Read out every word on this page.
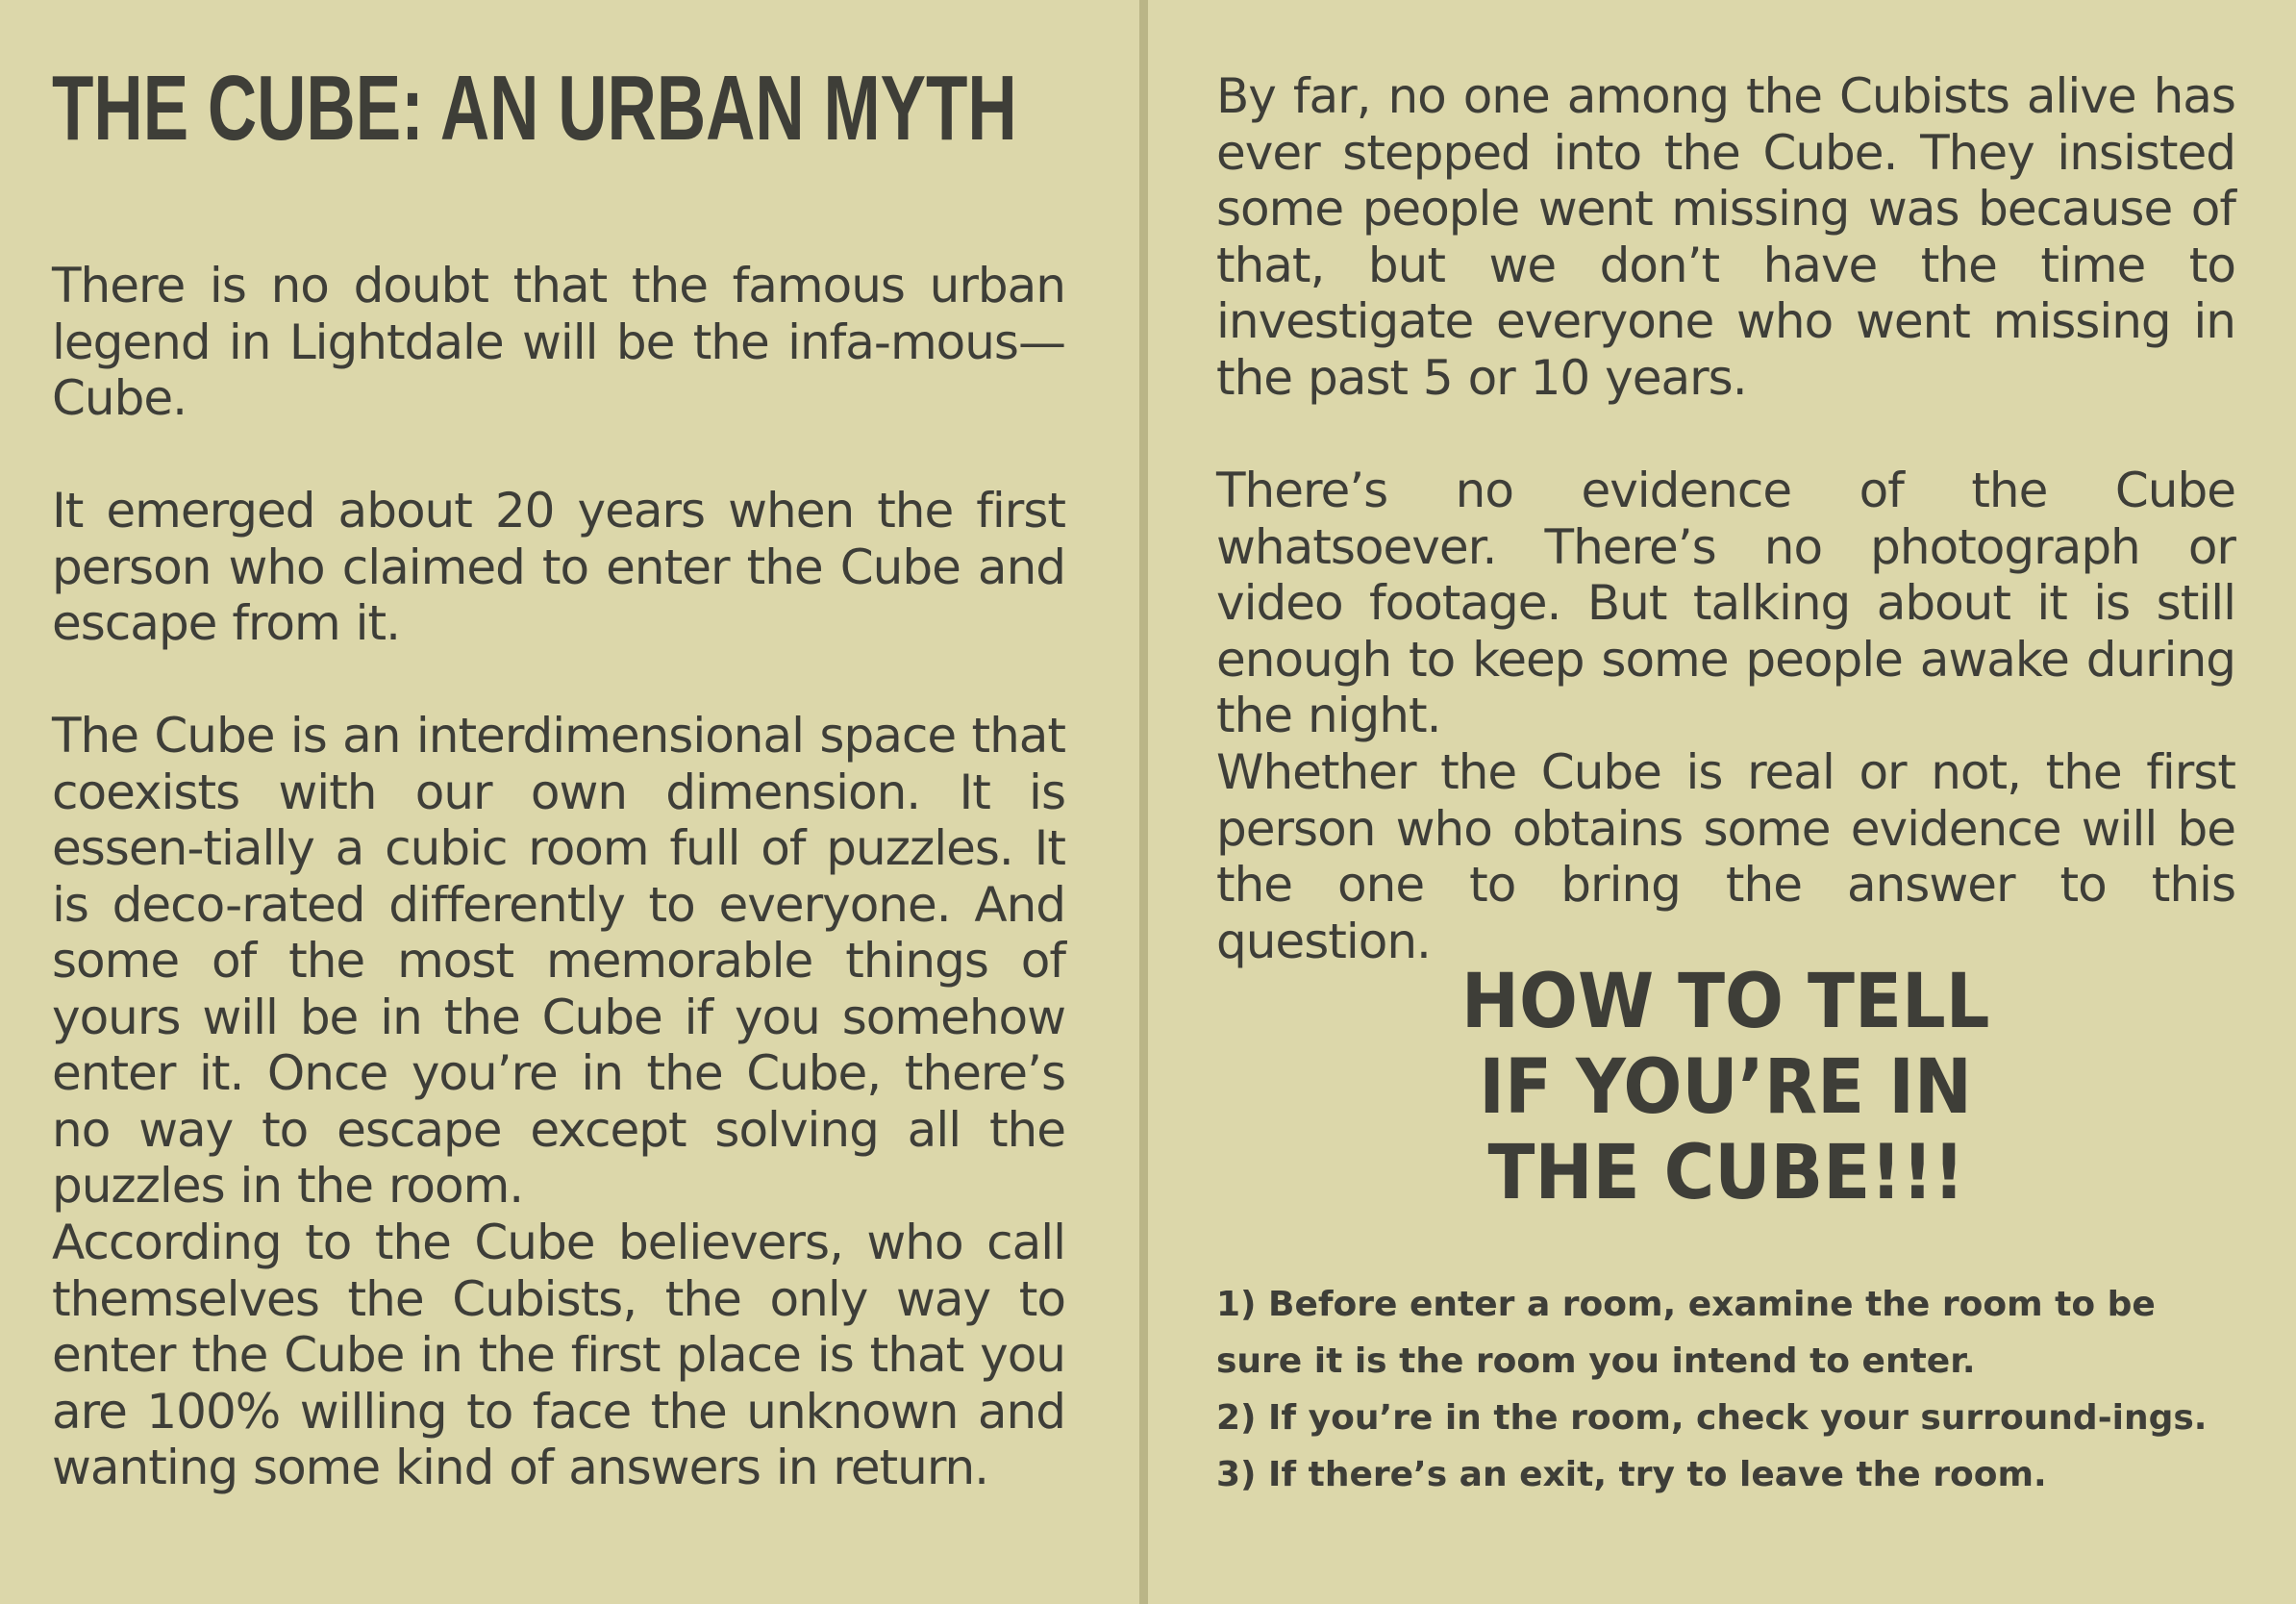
THE CUBE: AN URBAN MYTH

There is no doubt that the famous urban legend in Lightdale will be the infa-mous—Cube.

It emerged about 20 years when the first person who claimed to enter the Cube and escape from it.

The Cube is an interdimensional space that coexists with our own dimension. It is essen-tially a cubic room full of puzzles. It is deco-rated differently to everyone. And some of the most memorable things of yours will be in the Cube if you somehow enter it. Once you’re in the Cube, there’s no way to escape except solving all the puzzles in the room.

According to the Cube believers, who call themselves the Cubists, the only way to enter the Cube in the first place is that you are 100% willing to face the unknown and wanting some kind of answers in return.

By far, no one among the Cubists alive has ever stepped into the Cube. They insisted some people went missing was because of that, but we don’t have the time to investigate everyone who went missing in the past 5 or 10 years.

There’s no evidence of the Cube whatsoever. There’s no photograph or video footage. But talking about it is still enough to keep some people awake during the night.

Whether the Cube is real or not, the first person who obtains some evidence will be the one to bring the answer to this question.

HOW TO TELL
IF YOU’RE IN
THE CUBE!!!
1) Before enter a room, examine the room to be sure it is the room you intend to enter.
2) If you’re in the room, check your surround-ings.
3) If there’s an exit, try to leave the room.
